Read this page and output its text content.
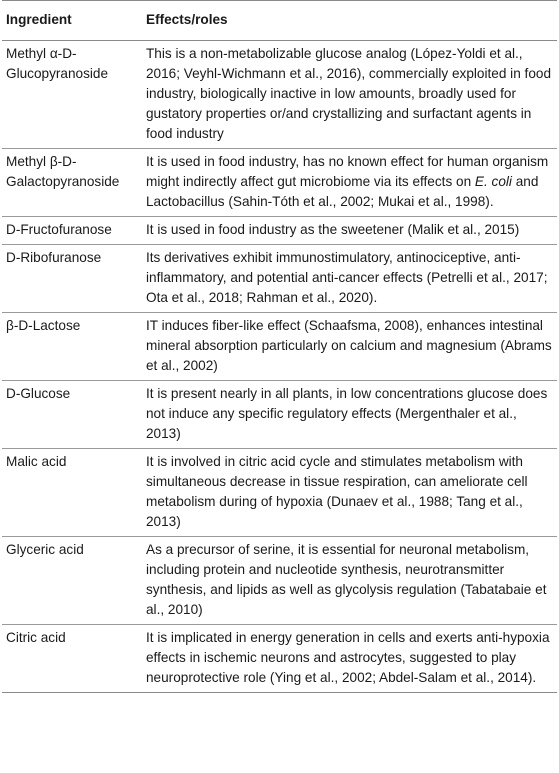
Ingredient	Effects/roles
Methyl α-D-Glucopyranoside	This is a non-metabolizable glucose analog (López-Yoldi et al., 2016; Veyhl-Wichmann et al., 2016), commercially exploited in food industry, biologically inactive in low amounts, broadly used for gustatory properties or/and crystallizing and surfactant agents in food industry
Methyl β-D-Galactopyranoside	It is used in food industry, has no known effect for human organism might indirectly affect gut microbiome via its effects on E. coli and Lactobacillus (Sahin-Tóth et al., 2002; Mukai et al., 1998).
D-Fructofuranose	It is used in food industry as the sweetener (Malik et al., 2015)
D-Ribofuranose	Its derivatives exhibit immunostimulatory, antinociceptive, anti-inflammatory, and potential anti-cancer effects (Petrelli et al., 2017; Ota et al., 2018; Rahman et al., 2020).
β-D-Lactose	IT induces fiber-like effect (Schaafsma, 2008), enhances intestinal mineral absorption particularly on calcium and magnesium (Abrams et al., 2002)
D-Glucose	It is present nearly in all plants, in low concentrations glucose does not induce any specific regulatory effects (Mergenthaler et al., 2013)
Malic acid	It is involved in citric acid cycle and stimulates metabolism with simultaneous decrease in tissue respiration, can ameliorate cell metabolism during of hypoxia (Dunaev et al., 1988; Tang et al., 2013)
Glyceric acid	As a precursor of serine, it is essential for neuronal metabolism, including protein and nucleotide synthesis, neurotransmitter synthesis, and lipids as well as glycolysis regulation (Tabatabaie et al., 2010)
Citric acid	It is implicated in energy generation in cells and exerts anti-hypoxia effects in ischemic neurons and astrocytes, suggested to play neuroprotective role (Ying et al., 2002; Abdel-Salam et al., 2014).
